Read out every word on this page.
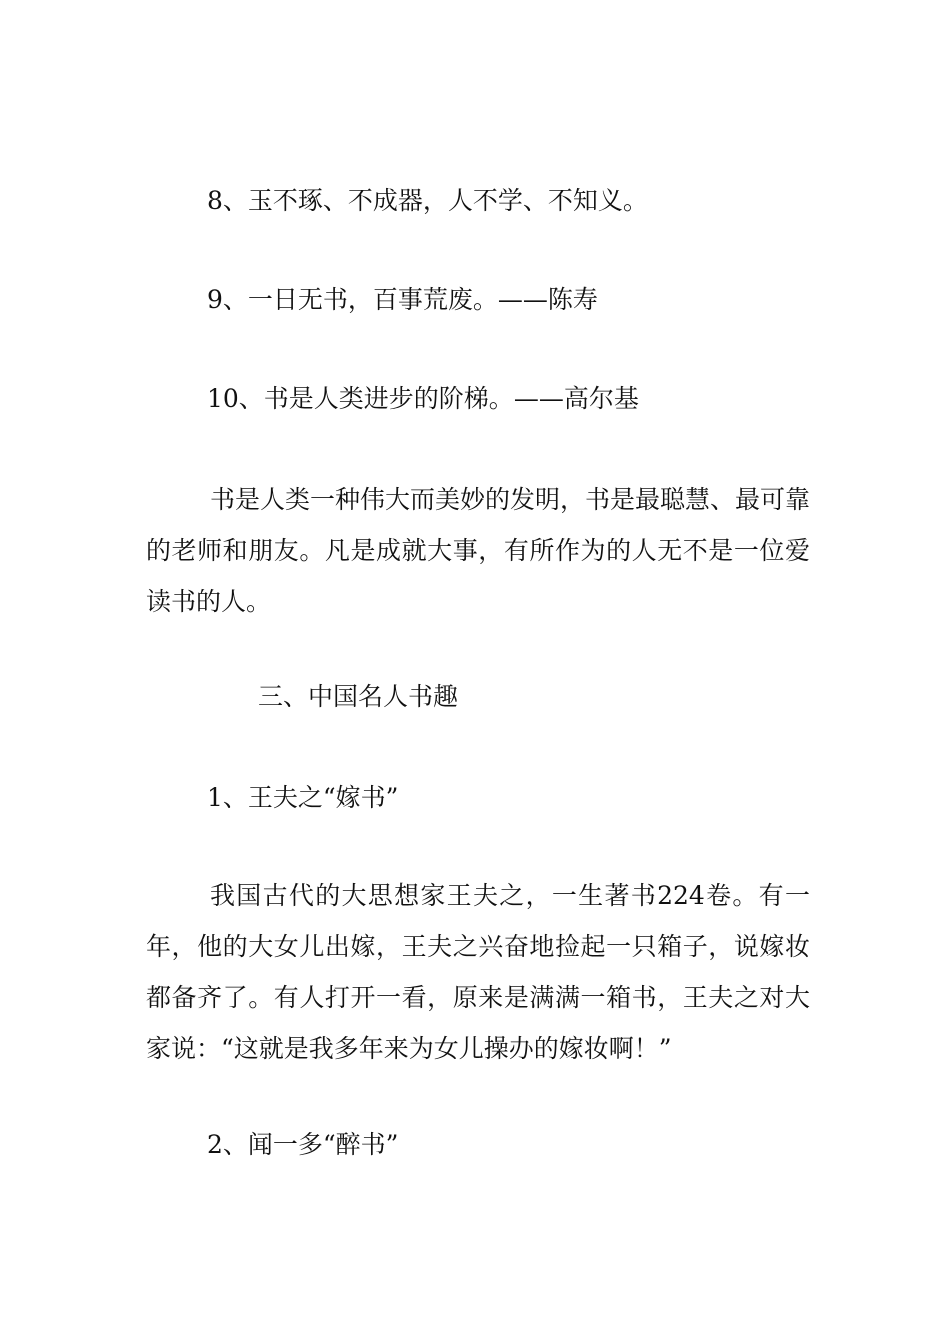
8、玉不琢、不成器，人不学、不知义。

9、一日无书，百事荒废。——陈寿

10、书是人类进步的阶梯。——高尔基

书是人类一种伟大而美妙的发明，书是最聪慧、最可靠的老师和朋友。凡是成就大事，有所作为的人无不是一位爱读书的人。

三、中国名人书趣

1、王夫之“嫁书”

我国古代的大思想家王夫之，一生著书224卷。有一年，他的大女儿出嫁，王夫之兴奋地捡起一只箱子，说嫁妆都备齐了。有人打开一看，原来是满满一箱书，王夫之对大家说：“这就是我多年来为女儿操办的嫁妆啊！”

2、闻一多“醉书”
